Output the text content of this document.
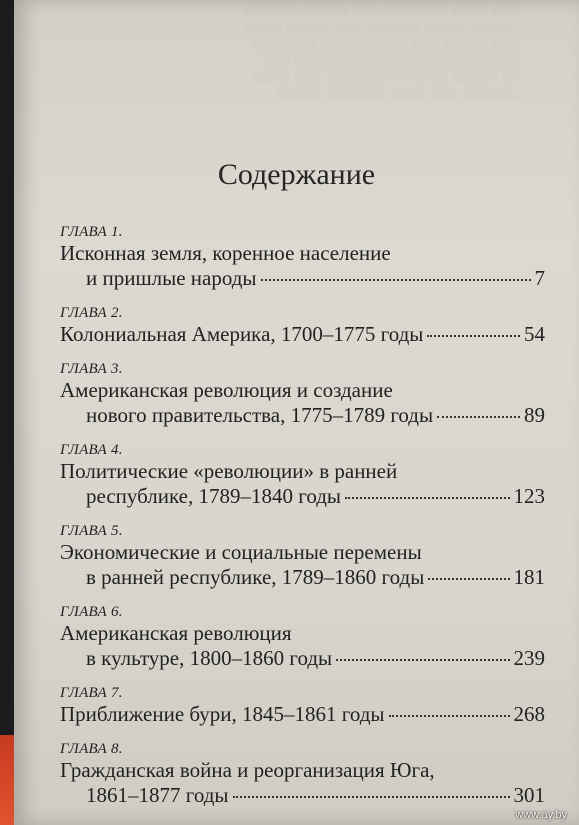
Содержание
ГЛАВА 1.
Исконная земля, коренное население
и пришлые народы	7
ГЛАВА 2.
Колониальная Америка, 1700–1775 годы	54
ГЛАВА 3.
Американская революция и создание
нового правительства, 1775–1789 годы	89
ГЛАВА 4.
Политические «революции» в ранней
республике, 1789–1840 годы	123
ГЛАВА 5.
Экономические и социальные перемены
в ранней республике, 1789–1860 годы	181
ГЛАВА 6.
Американская революция
в культуре, 1800–1860 годы	239
ГЛАВА 7.
Приближение бури, 1845–1861 годы	268
ГЛАВА 8.
Гражданская война и реорганизация Юга,
1861–1877 годы	301
www.ay.by
